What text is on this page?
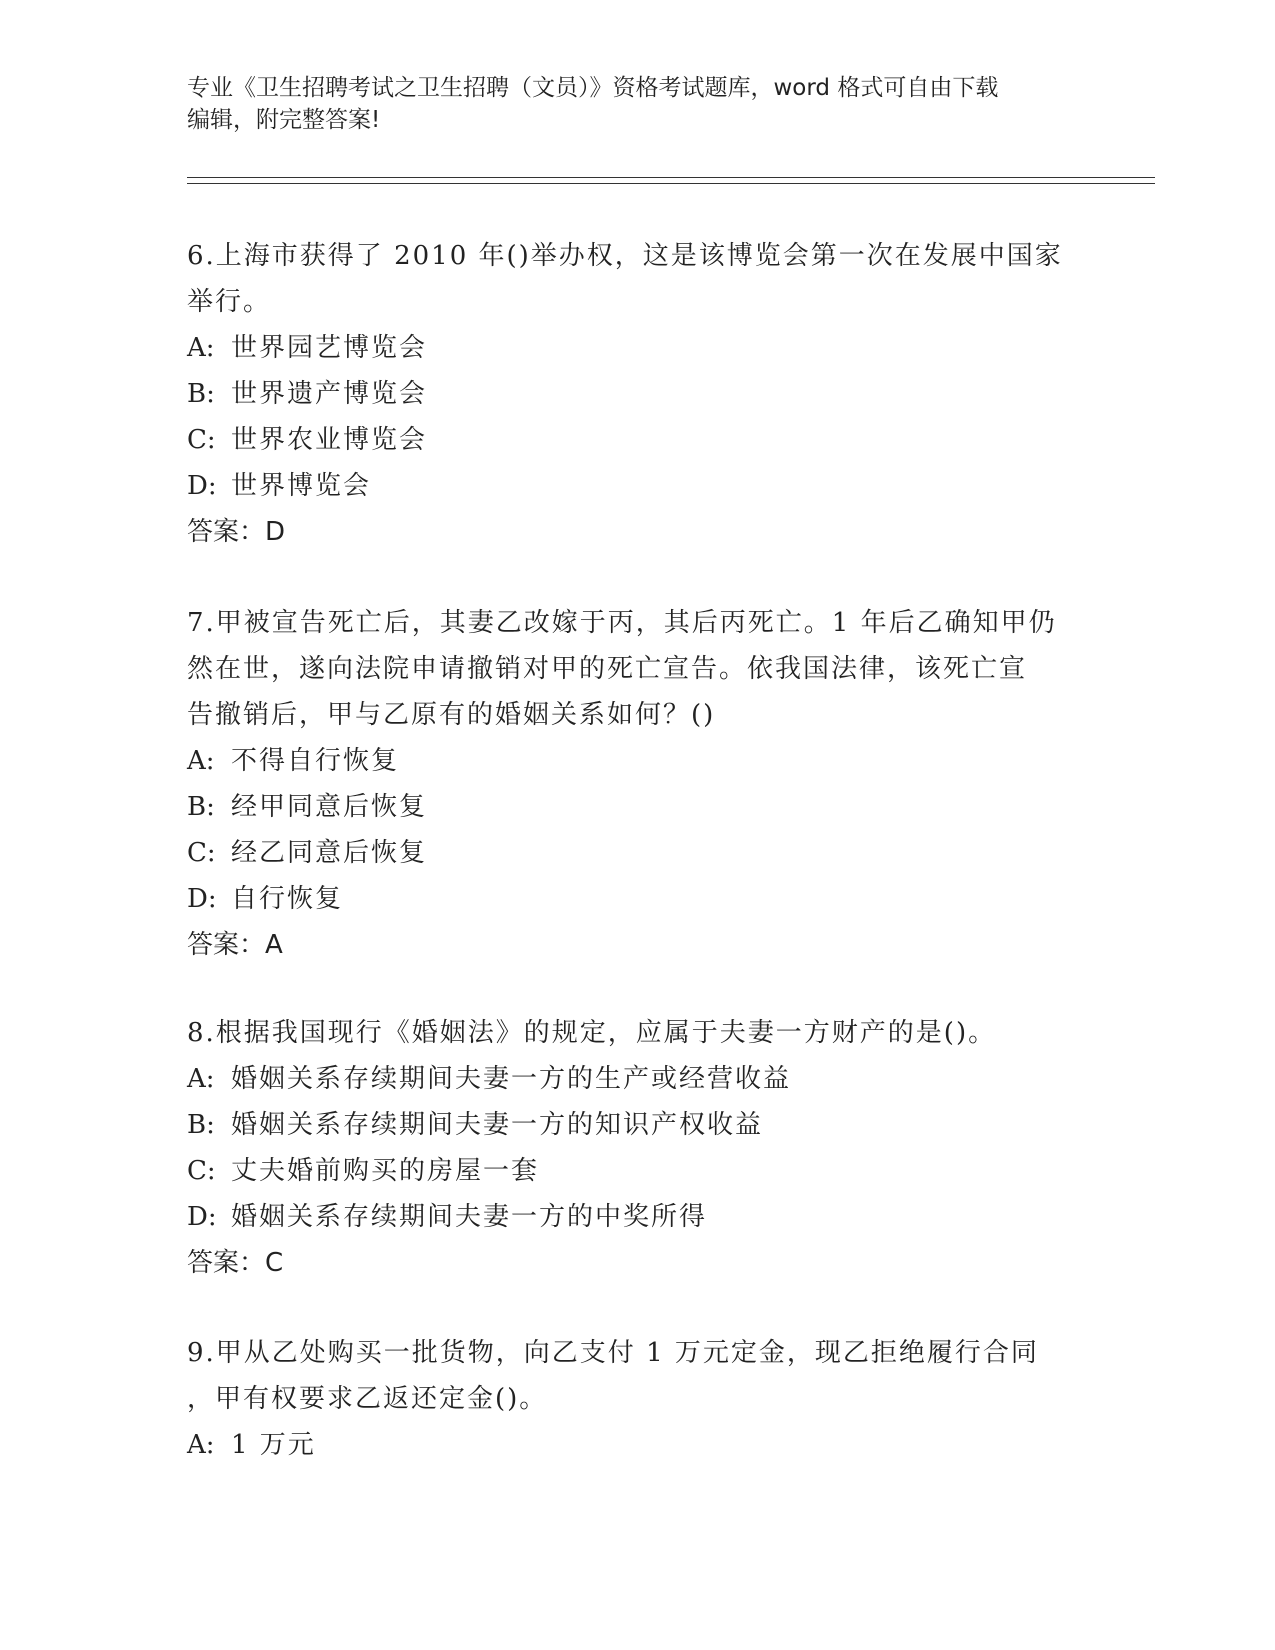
专业《卫生招聘考试之卫生招聘（文员）》资格考试题库，word 格式可自由下载
编辑，附完整答案!
6.上海市获得了 2010 年()举办权，这是该博览会第一次在发展中国家
举行。
A: 世界园艺博览会
B: 世界遗产博览会
C: 世界农业博览会
D: 世界博览会
答案：D
7.甲被宣告死亡后，其妻乙改嫁于丙，其后丙死亡。1 年后乙确知甲仍
然在世，遂向法院申请撤销对甲的死亡宣告。依我国法律，该死亡宣
告撤销后，甲与乙原有的婚姻关系如何？()
A: 不得自行恢复
B: 经甲同意后恢复
C: 经乙同意后恢复
D: 自行恢复
答案：A
8.根据我国现行《婚姻法》的规定，应属于夫妻一方财产的是()。
A: 婚姻关系存续期间夫妻一方的生产或经营收益
B: 婚姻关系存续期间夫妻一方的知识产权收益
C: 丈夫婚前购买的房屋一套
D: 婚姻关系存续期间夫妻一方的中奖所得
答案：C
9.甲从乙处购买一批货物，向乙支付 1 万元定金，现乙拒绝履行合同
，甲有权要求乙返还定金()。
A: 1 万元
